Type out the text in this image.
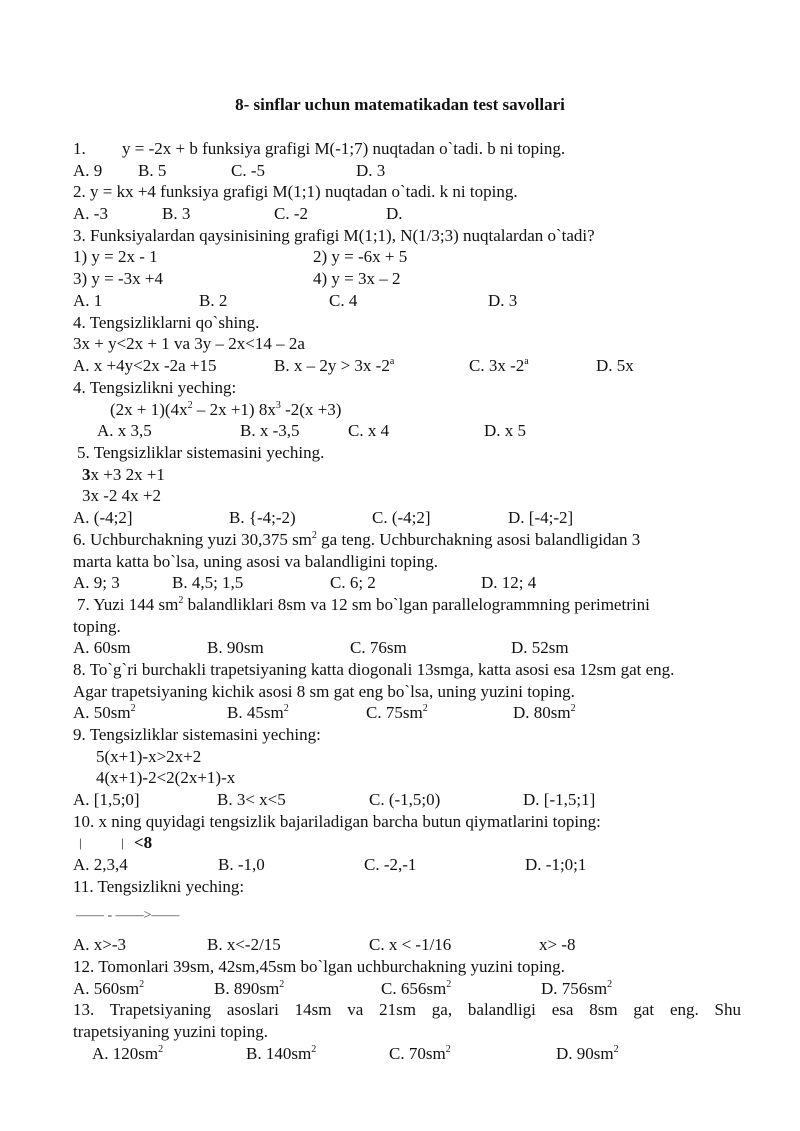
8- sinflar uchun matematikadan test savollari
1. y = -2x + b funksiya grafigi M(-1;7) nuqtadan o`tadi. b ni toping.
A. 9 B. 5	C. -5	D. 3
2. y = kx +4 funksiya grafigi M(1;1) nuqtadan o`tadi. k ni toping.
A. -3	B. 3	C. -2	D.
3. Funksiyalardan qaysinisining grafigi M(1;1), N(1/3;3) nuqtalardan o`tadi?
1) y = 2x - 1	2) y = -6x + 5
3) y = -3x +4	4) y = 3x – 2
A. 1	B. 2	C. 4	D. 3
4. Tengsizliklarni qo`shing.
3x + y<2x + 1 va 3y – 2x<14 – 2a
A. x +4y<2x -2a +15	B. x – 2y > 3x -2$^a$	C. 3x -2$^a$	D. 5x
4. Tengsizlikni yeching:
$(2x + 1)(4x^2 - 2x +1)$ $8x^3$ -2(x +3)
A. x 3,5	B. x -3,5	C. x 4	D. x 5
5. Tengsizliklar sistemasini yeching.
3x +3 2x +1
3x -2 4x +2
A. (-4;2]	B. {-4;-2)	C. (-4;2]	D. [-4;-2]
6. Uchburchakning yuzi 30,375 $sm^2$ ga teng. Uchburchakning asosi balandligidan 3
marta katta bo`lsa, uning asosi va balandligini toping.
A. 9; 3	B. 4,5; 1,5	C. 6; 2	D. 12; 4
7. Yuzi 144 $sm^2$ balandliklari 8sm va 12 sm bo`lgan parallelogrammning perimetrini
toping.
A. 60sm	B. 90sm	C. 76sm	D. 52sm
8. To`g`ri burchakli trapetsiyaning katta diogonali 13smga, katta asosi esa 12sm gat eng.
Agar trapetsiyaning kichik asosi 8 sm gat eng bo`lsa, uning yuzini toping.
A. $50sm^2$	B. $45sm^2$	C. $75sm^2$	D. $80sm^2$
9. Tengsizliklar sistemasini yeching:
5(x+1)-x>2x+2
4(x+1)-2<2(2x+1)-x
A. [1,5;0]	B. 3< x<5	C. (-1,5;0)	D. [-1,5;1]
10. x ning quyidagi tengsizlik bajariladigan barcha butun qiymatlarini toping:
|	| <8
A. 2,3,4	B. -1,0	C. -2,-1	D. -1;0;1
11. Tengsizlikni yeching:
—— - ——>——
A. x>-3	B. x<-2/15	C. x < -1/16	x> -8
12. Tomonlari 39sm, 42sm,45sm bo`lgan uchburchakning yuzini toping.
A. $560sm^2$	B. $890sm^2$	C. $656sm^2$	D. $756sm^2$
13. Trapetsiyaning asoslari 14sm va 21sm ga, balandligi esa 8sm gat eng. Shu
trapetsiyaning yuzini toping.
A. $120sm^2$	B. $140sm^2$	C. $70sm^2$	D. $90sm^2$
